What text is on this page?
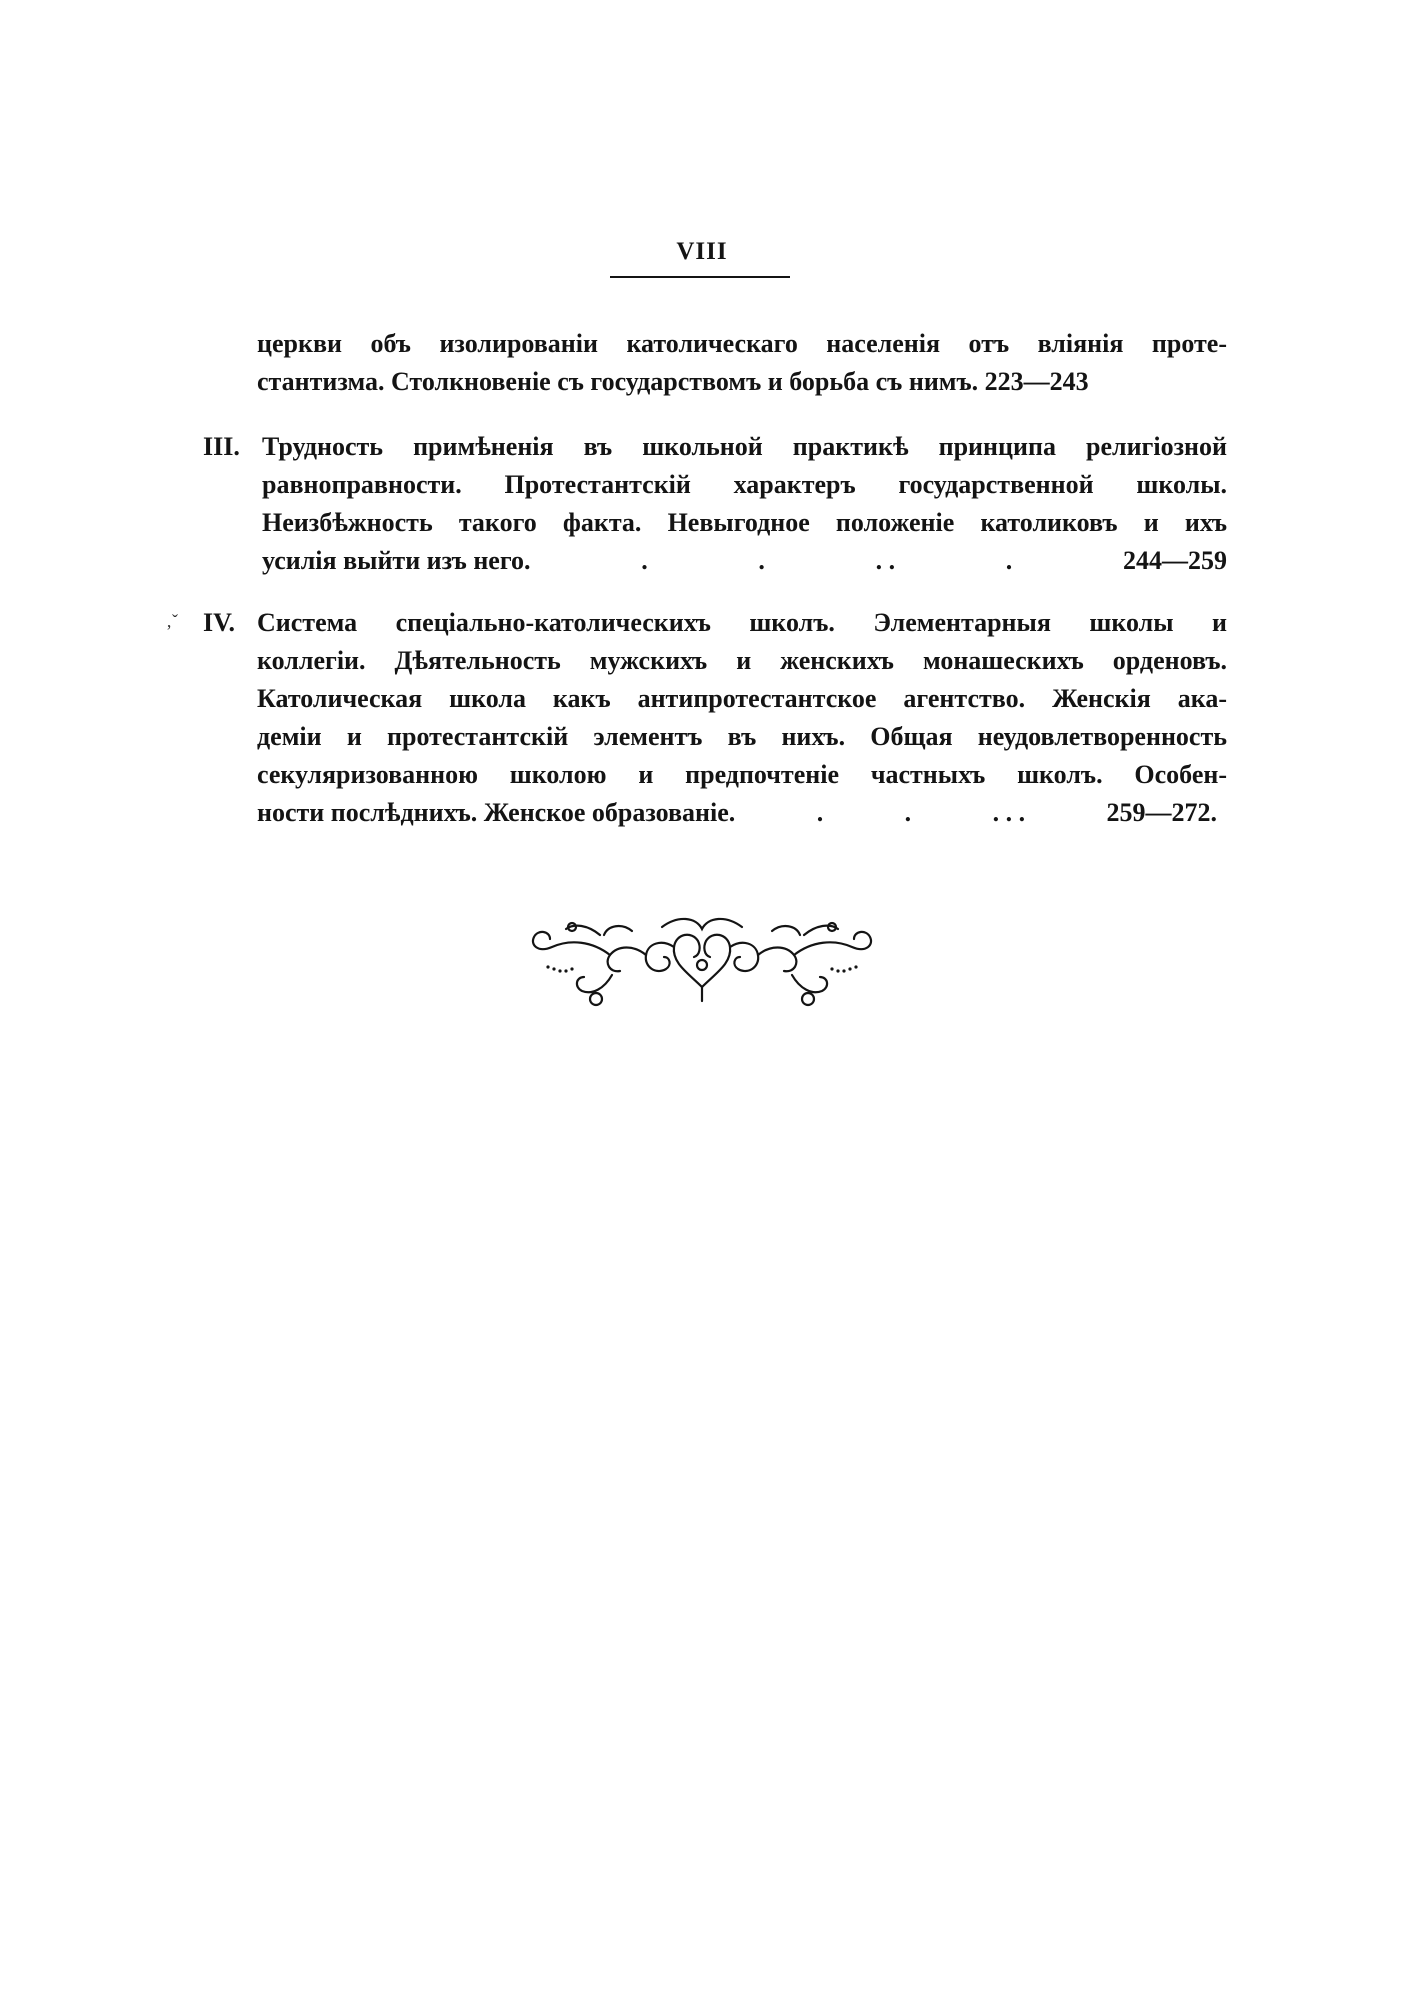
VIII
церкви объ изолированіи католическаго населенія отъ вліянія проте-
стантизма. Столкновеніе съ государствомъ и борьба съ нимъ. 223—243
III. Трудность примѣненія въ школьной практикѣ принципа религіозной
равноправности. Протестантскій характеръ государственной школы.
Неизбѣжность такого факта. Невыгодное положеніе католиковъ и ихъ
усилія выйти изъ него.	.	.	. .	.	244—259
‚ˇ IV. Система спеціально-католическихъ школъ. Элементарныя школы и
коллегіи. Дѣятельность мужскихъ и женскихъ монашескихъ орденовъ.
Католическая школа какъ антипротестантское агентство. Женскія ака-
деміи и протестантскій элементъ въ нихъ. Общая неудовлетворенность
секуляризованною школою и предпочтеніе частныхъ школъ. Особен-
ности послѣднихъ. Женское образованіе.	.	.	. . .	259—272.
